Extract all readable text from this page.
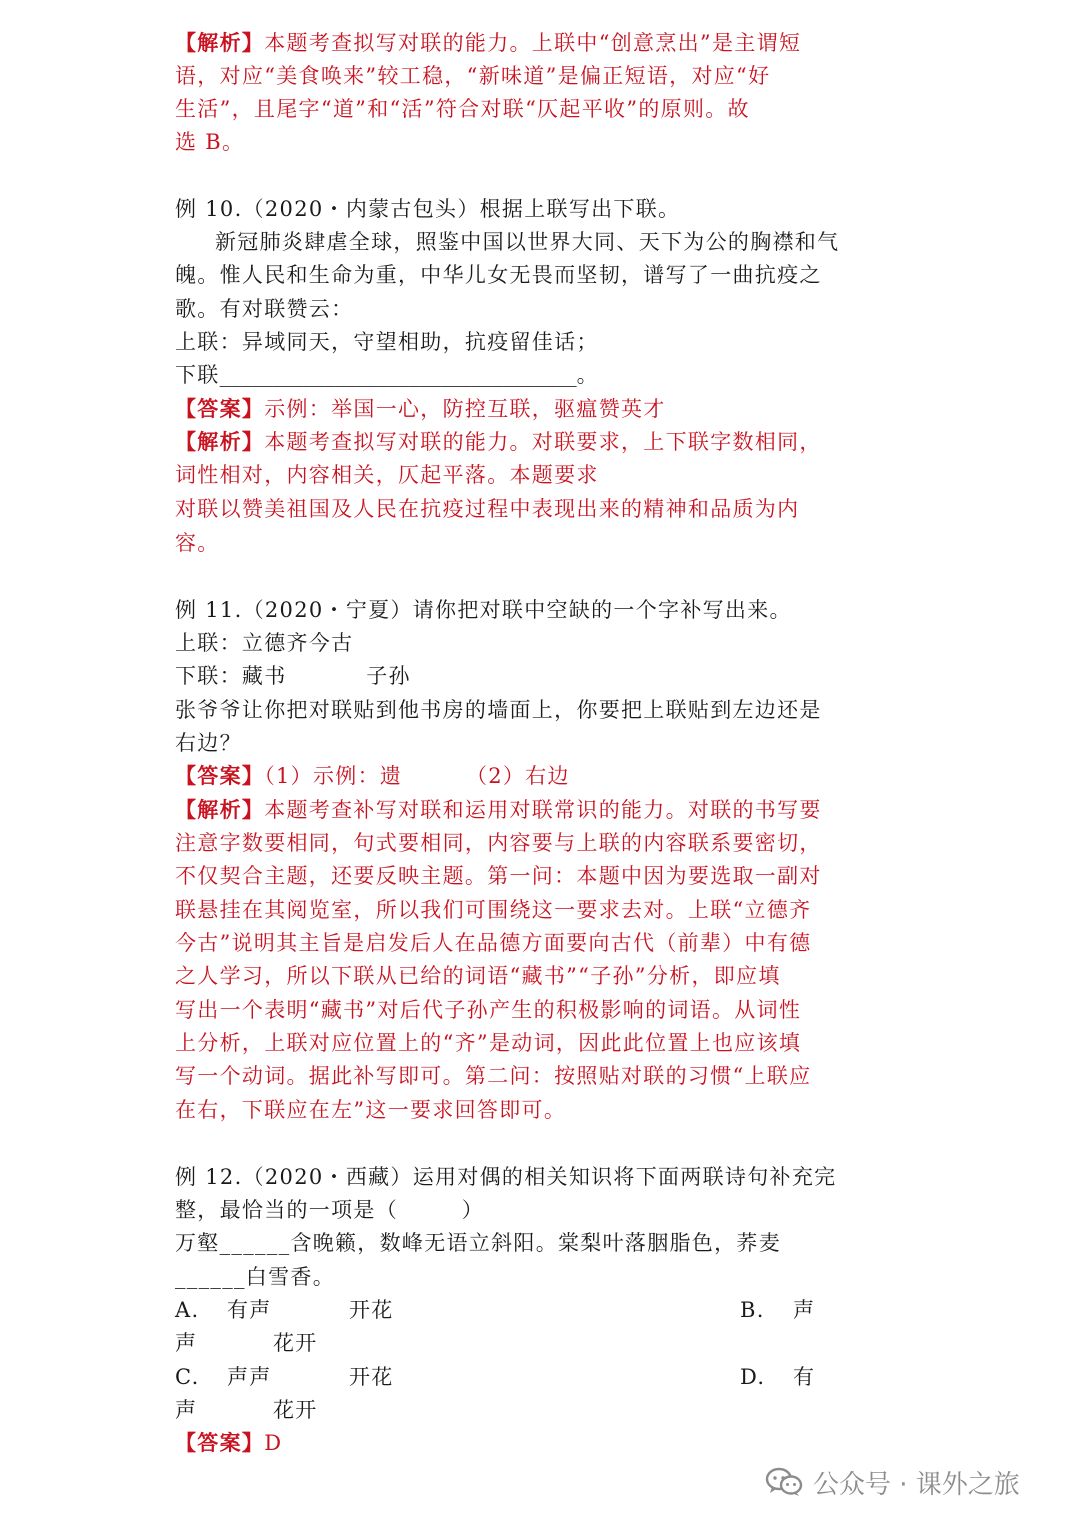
【解析】本题考查拟写对联的能力。上联中“创意烹出”是主谓短

语，对应“美食唤来”较工稳，“新味道”是偏正短语，对应“好

生活”，且尾字“道”和“活”符合对联“仄起平收”的原则。故

选 B。

例 10.（2020・内蒙古包头）根据上联写出下联。

新冠肺炎肆虐全球，照鉴中国以世界大同、天下为公的胸襟和气

魄。惟人民和生命为重，中华儿女无畏而坚韧，谱写了一曲抗疫之

歌。有对联赞云：

上联：异域同天，守望相助，抗疫留佳话；

下联__________________________________。

【答案】示例：举国一心，防控互联，驱瘟赞英才

【解析】本题考查拟写对联的能力。对联要求，上下联字数相同，

词性相对，内容相关，仄起平落。本题要求

对联以赞美祖国及人民在抗疫过程中表现出来的精神和品质为内

容。

例 11.（2020・宁夏）请你把对联中空缺的一个字补写出来。

上联：立德齐今古

下联：藏书          子孙

张爷爷让你把对联贴到他书房的墙面上，你要把上联贴到左边还是

右边？

【答案】（1）示例：遗        （2）右边

【解析】本题考查补写对联和运用对联常识的能力。对联的书写要

注意字数要相同，句式要相同，内容要与上联的内容联系要密切，

不仅契合主题，还要反映主题。第一问：本题中因为要选取一副对

联悬挂在其阅览室，所以我们可围绕这一要求去对。上联“立德齐

今古”说明其主旨是启发后人在品德方面要向古代（前辈）中有德

之人学习，所以下联从已给的词语“藏书”“子孙”分析，即应填

写出一个表明“藏书”对后代子孙产生的积极影响的词语。从词性

上分析，上联对应位置上的“齐”是动词，因此此位置上也应该填

写一个动词。据此补写即可。第二问：按照贴对联的习惯“上联应

在右，下联应在左”这一要求回答即可。

例 12.（2020・西藏）运用对偶的相关知识将下面两联诗句补充完

整，最恰当的一项是（        ）

万壑______含晚籁，数峰无语立斜阳。棠梨叶落胭脂色，荞麦

______白雪香。

A. 有声	开花	B. 声
声	花开
C. 声声	开花	D. 有
声	花开

【答案】D

公众号 · 课外之旅
